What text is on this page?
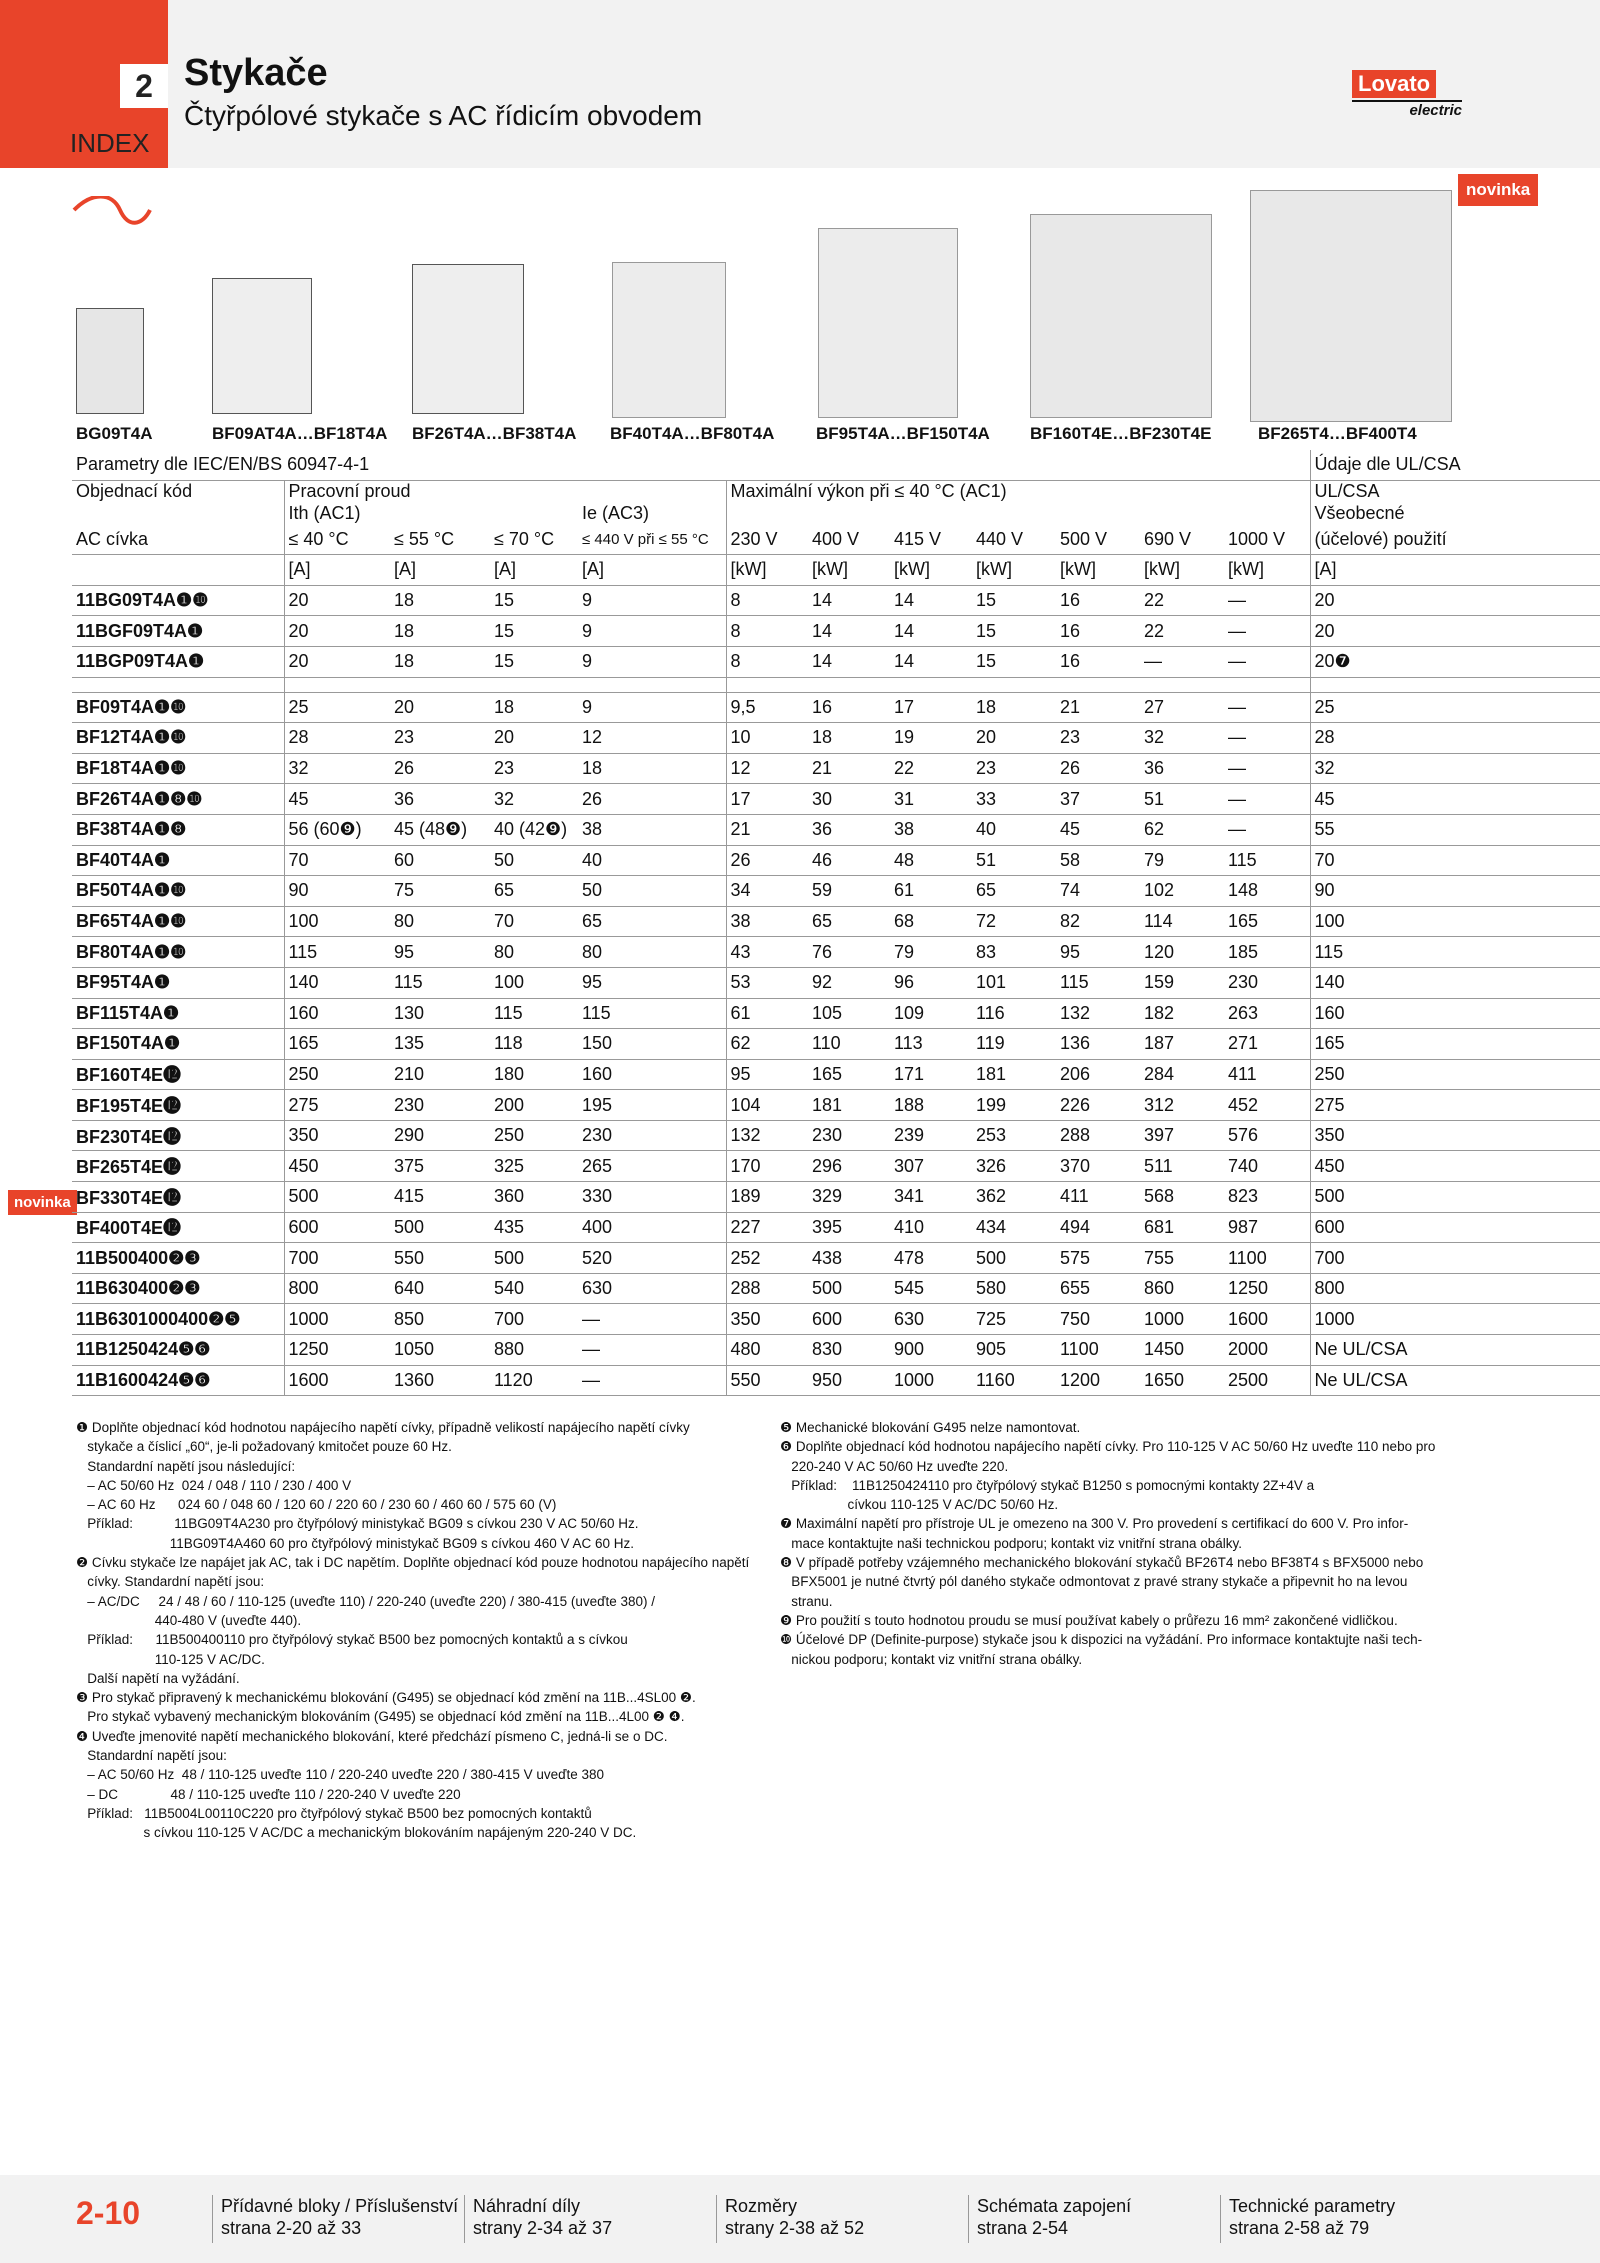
2
INDEX
Stykače
Čtyřpólové stykače s AC řídicím obvodem
Lovato
electric
novinka
novinka
BG09T4A	BF09AT4A…BF18T4A BF26T4A…BF38T4A BF40T4A…BF80T4A BF95T4A…BF150T4A BF160T4E…BF230T4E	BF265T4…BF400T4
Parametry dle IEC/EN/BS 60947-4-1												Údaje dle UL/CSA
Objednací kód	Pracovní proud				Maximální výkon při ≤ 40 °C (AC1)							UL/CSA
	Ith (AC1)			Ie (AC3)								Všeobecné
AC cívka	≤ 40 °C	≤ 55 °C	≤ 70 °C	≤ 440 V při ≤ 55 °C	230 V	400 V	415 V	440 V	500 V	690 V	1000 V	(účelové) použití
	[A]	[A]	[A]	[A]	[kW]	[kW]	[kW]	[kW]	[kW]	[kW]	[kW]	[A]
11BG09T4A❶❿	20	18	15	9	8	14	14	15	16	22	—	20
11BGF09T4A❶	20	18	15	9	8	14	14	15	16	22	—	20
11BGP09T4A❶	20	18	15	9	8	14	14	15	16	—	—	20❼

BF09T4A❶❿	25	20	18	9	9,5	16	17	18	21	27	—	25
BF12T4A❶❿	28	23	20	12	10	18	19	20	23	32	—	28
BF18T4A❶❿	32	26	23	18	12	21	22	23	26	36	—	32
BF26T4A❶❽❿	45	36	32	26	17	30	31	33	37	51	—	45
BF38T4A❶❽	56 (60❾)	45 (48❾)	40 (42❾)	38	21	36	38	40	45	62	—	55
BF40T4A❶	70	60	50	40	26	46	48	51	58	79	115	70
BF50T4A❶❿	90	75	65	50	34	59	61	65	74	102	148	90
BF65T4A❶❿	100	80	70	65	38	65	68	72	82	114	165	100
BF80T4A❶❿	115	95	80	80	43	76	79	83	95	120	185	115
BF95T4A❶	140	115	100	95	53	92	96	101	115	159	230	140
BF115T4A❶	160	130	115	115	61	105	109	116	132	182	263	160
BF150T4A❶	165	135	118	150	62	110	113	119	136	187	271	165
BF160T4E⓬	250	210	180	160	95	165	171	181	206	284	411	250
BF195T4E⓬	275	230	200	195	104	181	188	199	226	312	452	275
BF230T4E⓬	350	290	250	230	132	230	239	253	288	397	576	350
BF265T4E⓬	450	375	325	265	170	296	307	326	370	511	740	450
BF330T4E⓬	500	415	360	330	189	329	341	362	411	568	823	500
BF400T4E⓬	600	500	435	400	227	395	410	434	494	681	987	600
11B500400❷❸	700	550	500	520	252	438	478	500	575	755	1100	700
11B630400❷❸	800	640	540	630	288	500	545	580	655	860	1250	800
11B6301000400❷❺	1000	850	700	—	350	600	630	725	750	1000	1600	1000
11B1250424❺❻	1250	1050	880	—	480	830	900	905	1100	1450	2000	Ne UL/CSA
11B1600424❺❻	1600	1360	1120	—	550	950	1000	1160	1200	1650	2500	Ne UL/CSA
❶ Doplňte objednací kód hodnotou napájecího napětí cívky, případně velikostí napájecího napětí cívky
stykače a číslicí „60“, je-li požadovaný kmitočet pouze 60 Hz.
Standardní napětí jsou následující:
– AC 50/60 Hz  024 / 048 / 110 / 230 / 400 V
– AC 60 Hz      024 60 / 048 60 / 120 60 / 220 60 / 230 60 / 460 60 / 575 60 (V)
Příklad:           11BG09T4A230 pro čtyřpólový ministykač BG09 s cívkou 230 V AC 50/60 Hz.
11BG09T4A460 60 pro čtyřpólový ministykač BG09 s cívkou 460 V AC 60 Hz.
❷ Cívku stykače lze napájet jak AC, tak i DC napětím. Doplňte objednací kód pouze hodnotou napájecího napětí
cívky. Standardní napětí jsou:
– AC/DC     24 / 48 / 60 / 110-125 (uveďte 110) / 220-240 (uveďte 220) / 380-415 (uveďte 380) /
440-480 V (uveďte 440).
Příklad:      11B500400110 pro čtyřpólový stykač B500 bez pomocných kontaktů a s cívkou
110-125 V AC/DC.
Další napětí na vyžádání.
❸ Pro stykač připravený k mechanickému blokování (G495) se objednací kód změní na 11B...4SL00 ❷.
Pro stykač vybavený mechanickým blokováním (G495) se objednací kód změní na 11B...4L00 ❷ ❹.
❹ Uveďte jmenovité napětí mechanického blokování, které předchází písmeno C, jedná-li se o DC.
Standardní napětí jsou:
– AC 50/60 Hz  48 / 110-125 uveďte 110 / 220-240 uveďte 220 / 380-415 V uveďte 380
– DC              48 / 110-125 uveďte 110 / 220-240 V uveďte 220
Příklad:   11B5004L00110C220 pro čtyřpólový stykač B500 bez pomocných kontaktů
s cívkou 110-125 V AC/DC a mechanickým blokováním napájeným 220-240 V DC.
❺ Mechanické blokování G495 nelze namontovat.
❻ Doplňte objednací kód hodnotou napájecího napětí cívky. Pro 110-125 V AC 50/60 Hz uveďte 110 nebo pro
220-240 V AC 50/60 Hz uveďte 220.
Příklad:    11B1250424110 pro čtyřpólový stykač B1250 s pomocnými kontakty 2Z+4V a
cívkou 110-125 V AC/DC 50/60 Hz.
❼ Maximální napětí pro přístroje UL je omezeno na 300 V. Pro provedení s certifikací do 600 V. Pro infor-
mace kontaktujte naši technickou podporu; kontakt viz vnitřní strana obálky.
❽ V případě potřeby vzájemného mechanického blokování stykačů BF26T4 nebo BF38T4 s BFX5000 nebo
BFX5001 je nutné čtvrtý pól daného stykače odmontovat z pravé strany stykače a připevnit ho na levou
stranu.
❾ Pro použití s touto hodnotou proudu se musí používat kabely o průřezu 16 mm² zakončené vidličkou.
❿ Účelové DP (Definite-purpose) stykače jsou k dispozici na vyžádání. Pro informace kontaktujte naši tech-
nickou podporu; kontakt viz vnitřní strana obálky.
2-10	Přídavné bloky / Příslušenství
strana 2-20 až 33
Náhradní díly
strany 2-34 až 37
Rozměry
strany 2-38 až 52
Schémata zapojení
strana 2-54
Technické parametry
strana 2-58 až 79
